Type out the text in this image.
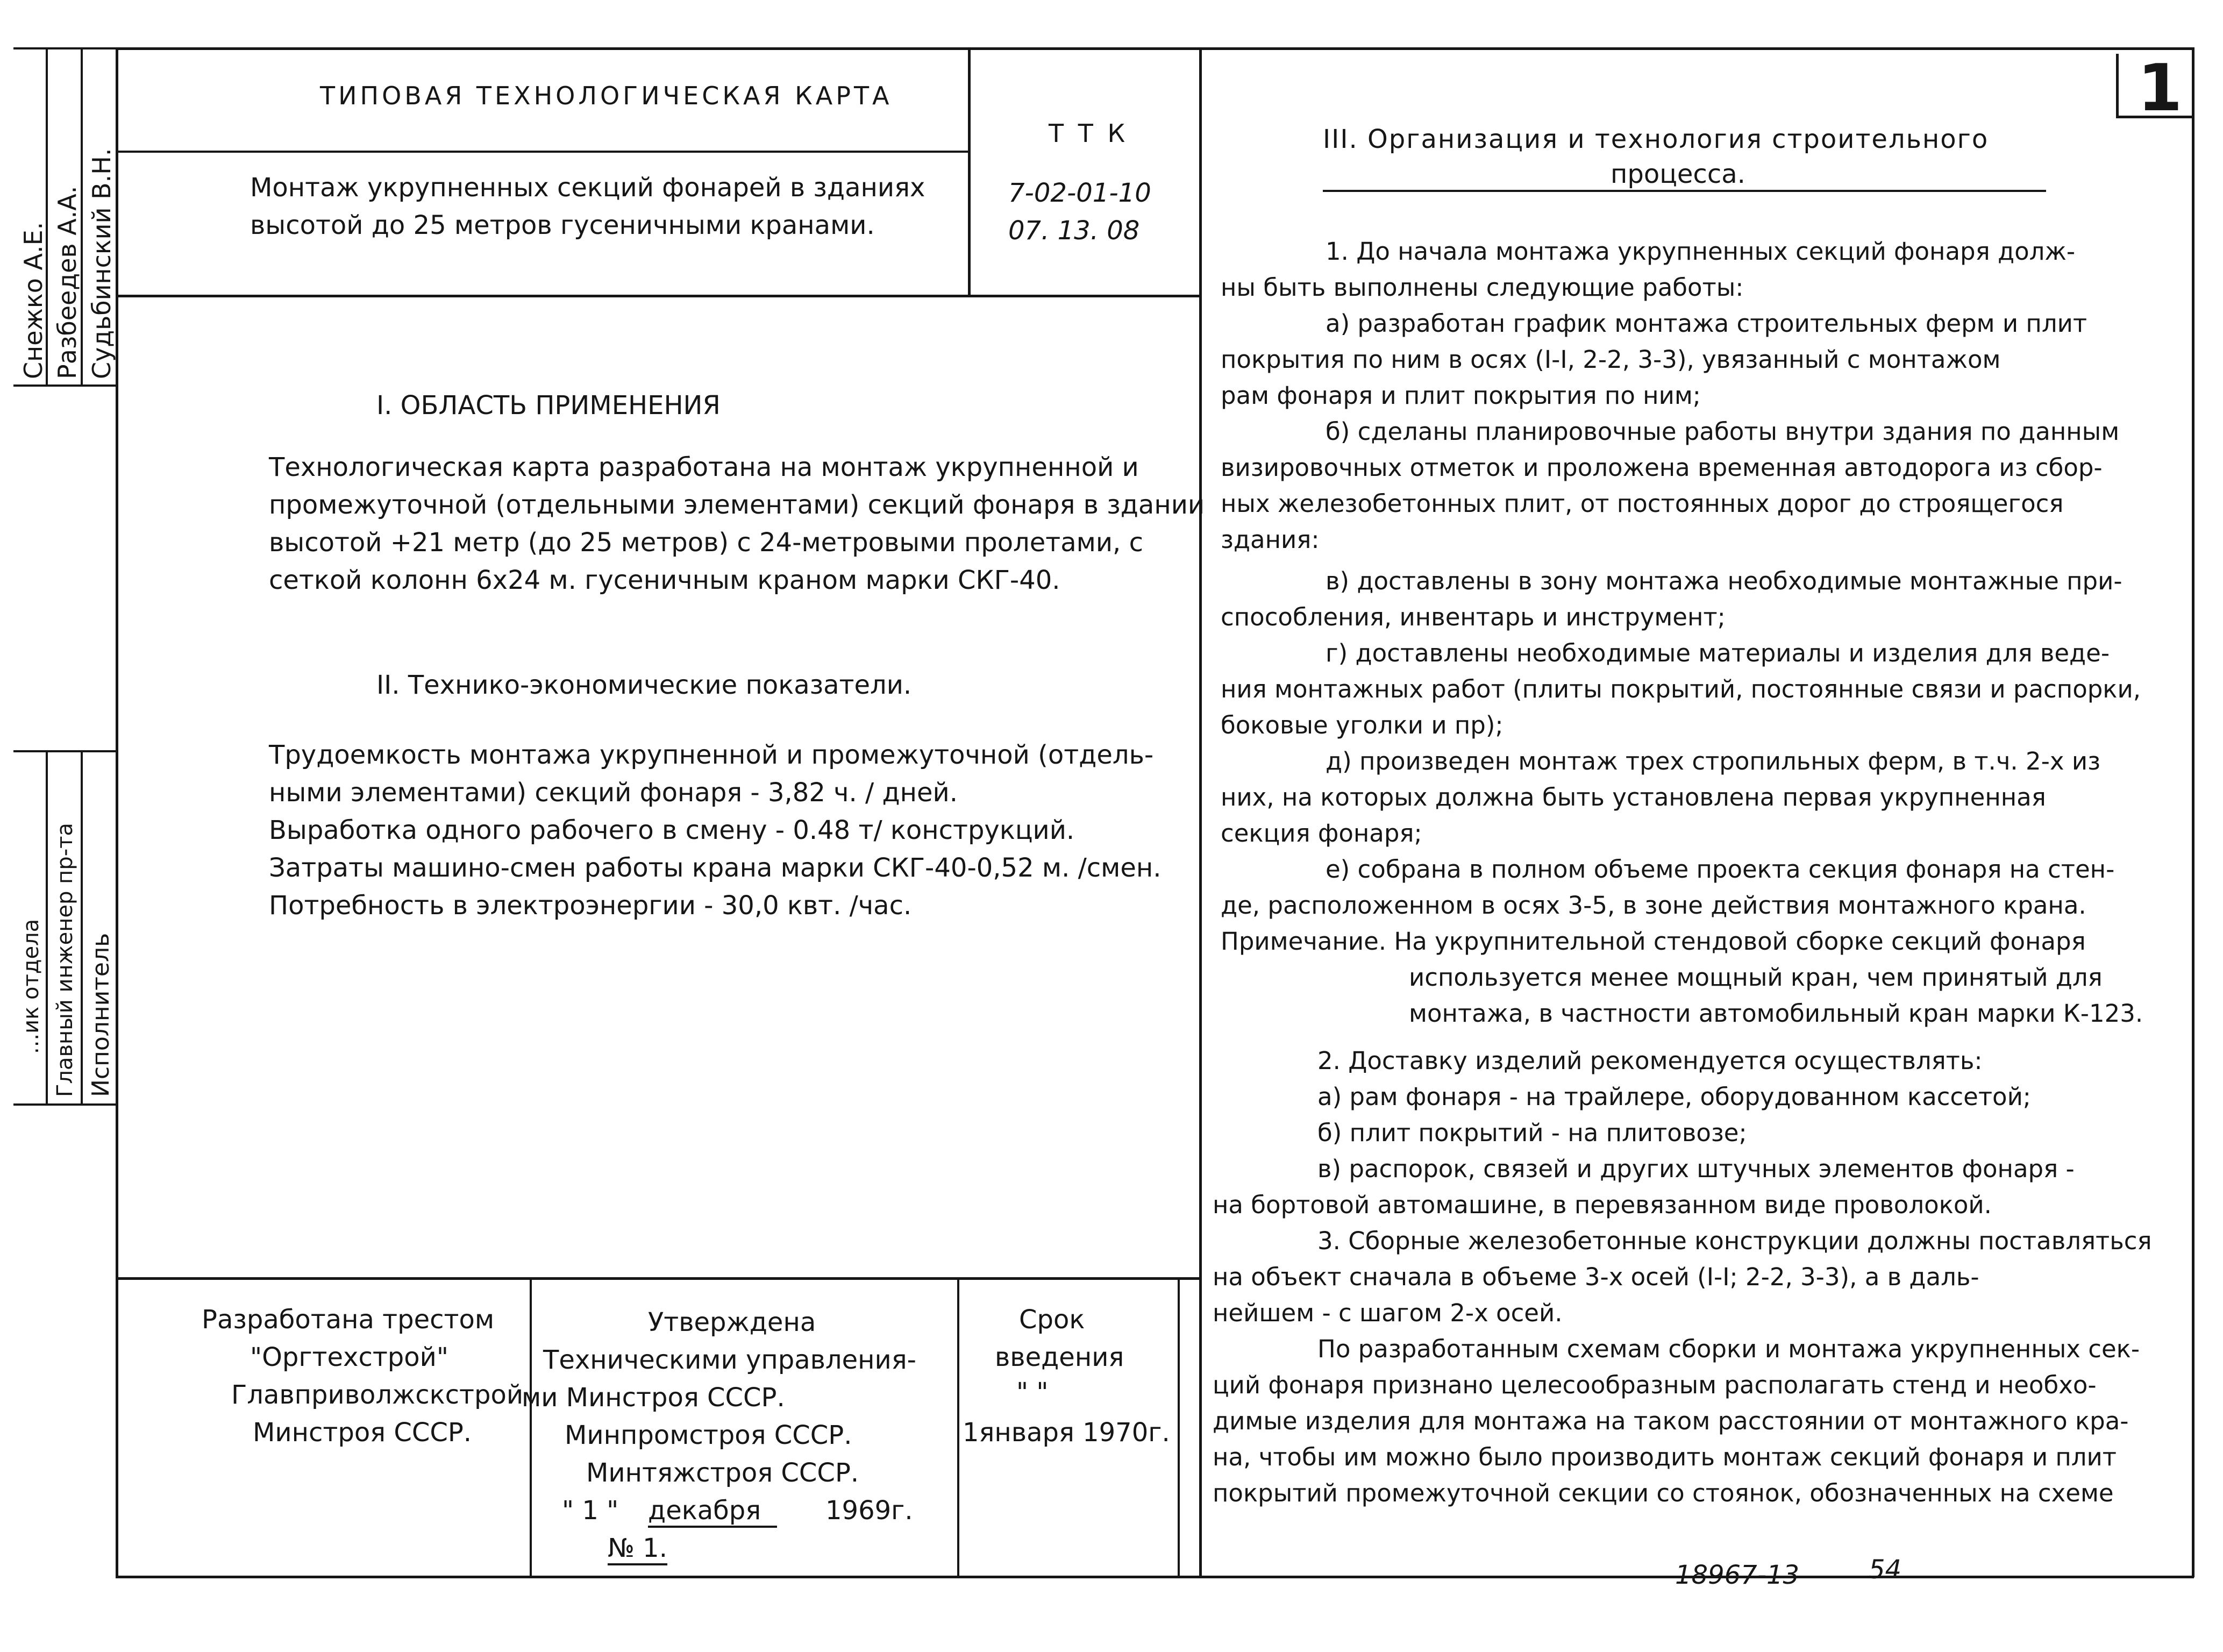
Снежко А.Е. Разбеедев А.А. Судьбинский В.Н.
...ик отдела Главный инженер пр-та Исполнитель
ТИПОВАЯ ТЕХНОЛОГИЧЕСКАЯ КАРТА
Монтаж укрупненных секций фонарей в зданиях
высотой до 25 метров гусеничными кранами.
Т Т К
7-02-01-10
07. 13. 08
1
I. ОБЛАСТЬ ПРИМЕНЕНИЯ
Технологическая карта разработана на монтаж укрупненной и
промежуточной (отдельными элементами) секций фонаря в здании
высотой +21 метр (до 25 метров) с 24-метровыми пролетами, с
сеткой колонн 6х24 м. гусеничным краном марки СКГ-40.
II. Технико-экономические показатели.
Трудоемкость монтажа укрупненной и промежуточной (отдель-
ными элементами) секций фонаря - 3,82 ч. / дней.
Выработка одного рабочего в смену - 0.48 т/ конструкций.
Затраты машино-смен работы крана марки СКГ-40-0,52 м. /смен.
Потребность в электроэнергии - 30,0 квт. /час.
III. Организация и технология строительного
процесса.
1. До начала монтажа укрупненных секций фонаря долж-
ны быть выполнены следующие работы:
а) разработан график монтажа строительных ферм и плит
покрытия по ним в осях (I-I, 2-2, 3-3), увязанный с монтажом
рам фонаря и плит покрытия по ним;
б) сделаны планировочные работы внутри здания по данным
визировочных отметок и проложена временная автодорога из сбор-
ных железобетонных плит, от постоянных дорог до строящегося
здания:
в) доставлены в зону монтажа необходимые монтажные при-
способления, инвентарь и инструмент;
г) доставлены необходимые материалы и изделия для веде-
ния монтажных работ (плиты покрытий, постоянные связи и распорки,
боковые уголки и пр);
д) произведен монтаж трех стропильных ферм, в т.ч. 2-х из
них, на которых должна быть установлена первая укрупненная
секция фонаря;
е) собрана в полном объеме проекта секция фонаря на стен-
де, расположенном в осях 3-5, в зоне действия монтажного крана.
Примечание. На укрупнительной стендовой сборке секций фонаря
используется менее мощный кран, чем принятый для
монтажа, в частности автомобильный кран марки К-123.
2. Доставку изделий рекомендуется осуществлять:
а) рам фонаря - на трайлере, оборудованном кассетой;
б) плит покрытий - на плитовозе;
в) распорок, связей и других штучных элементов фонаря -
на бортовой автомашине, в перевязанном виде проволокой.
3. Сборные железобетонные конструкции должны поставляться
на объект сначала в объеме 3-х осей (I-I; 2-2, 3-3), а в даль-
нейшем - с шагом 2-х осей.
По разработанным схемам сборки и монтажа укрупненных сек-
ций фонаря признано целесообразным располагать стенд и необхо-
димые изделия для монтажа на таком расстоянии от монтажного кра-
на, чтобы им можно было производить монтаж секций фонаря и плит
покрытий промежуточной секции со стоянок, обозначенных на схеме
Разработана трестом
"Оргтехстрой"
Главприволжскстрой
Минстроя СССР.
Утверждена
Техническими управления-
ми Минстроя СССР.
Минпромстроя СССР.
Минтяжстроя СССР.
" 1 " декабря	1969г.
№ 1.
Срок
введения
" "
1января 1970г.
18967-13	54
